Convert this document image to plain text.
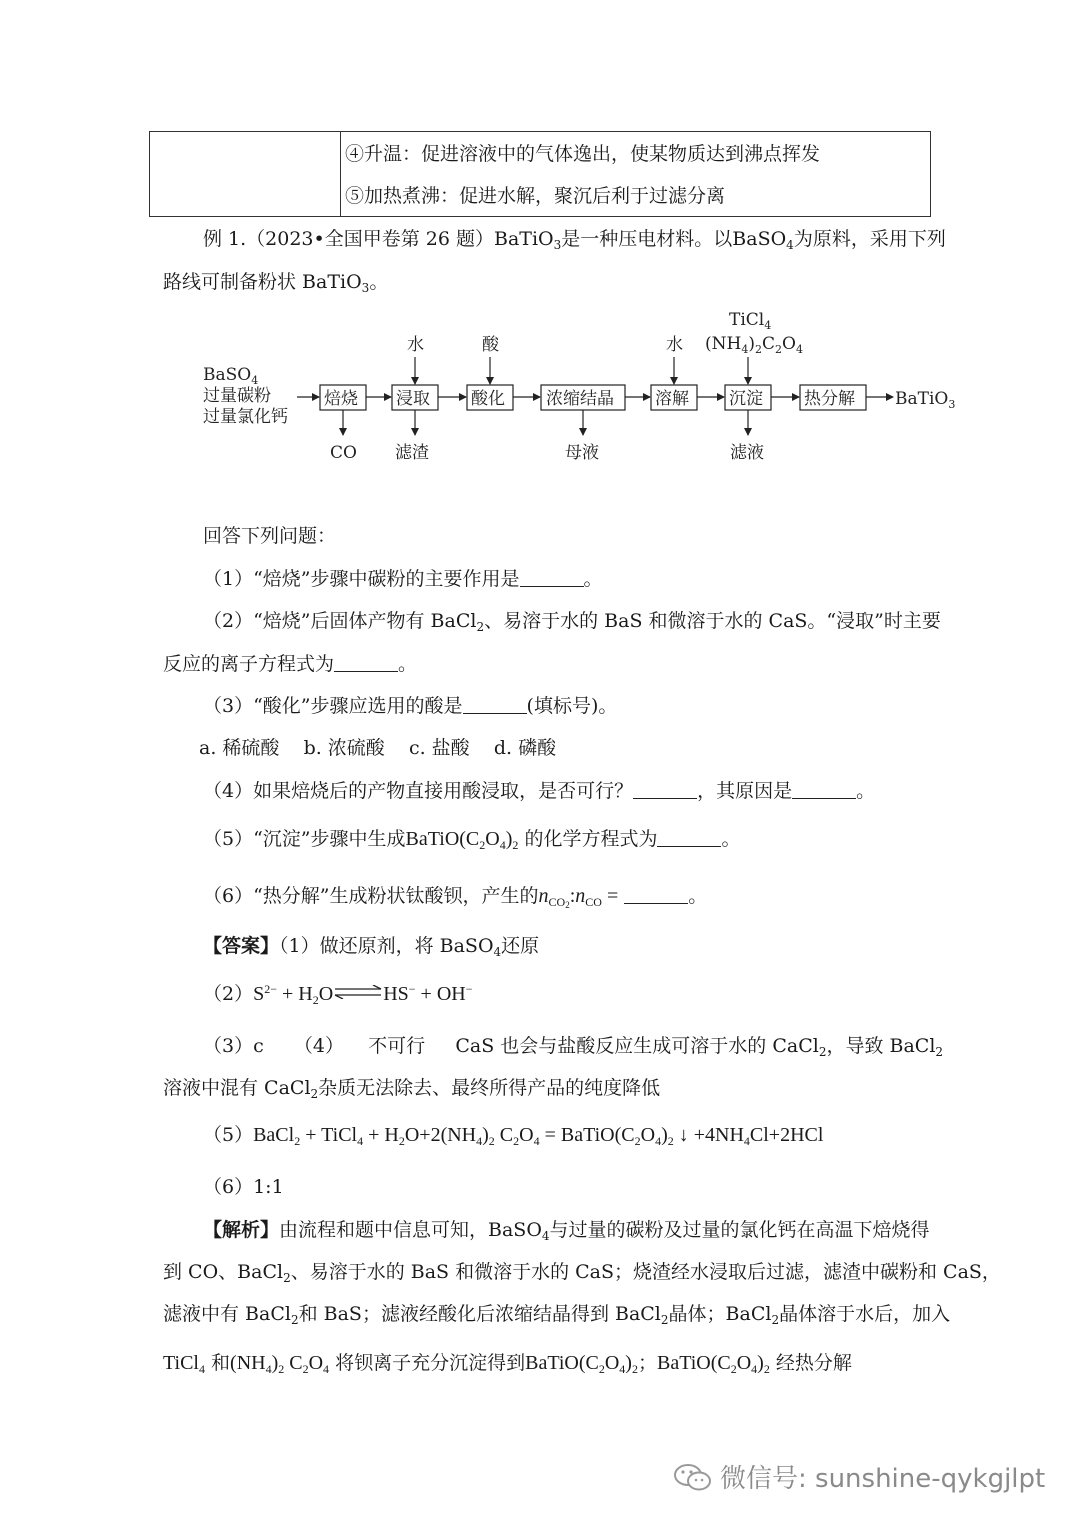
④升温：促进溶液中的气体逸出，使某物质达到沸点挥发
⑤加热煮沸：促进水解，聚沉后利于过滤分离
例 1.（2023•全国甲卷第 26 题）BaTiO$_3$是一种压电材料。以BaSO$_4$为原料，采用下列
路线可制备粉状 BaTiO$_3$。
BaSO$_4$
过量碳粉
过量氯化钙
焙烧 浸取 酸化 浓缩结晶 溶解 沉淀 热分解
水	酸	水
TiCl$_4$
$(NH_4)_2C_2O_4$
CO 滤渣	母液	滤液
BaTiO$_3$
回答下列问题：
（1）“焙烧”步骤中碳粉的主要作用是	。
（2）“焙烧”后固体产物有 BaCl$_2$、易溶于水的 BaS 和微溶于水的 CaS。“浸取”时主要
反应的离子方程式为	。
（3）“酸化”步骤应选用的酸是	(填标号)。
a. 稀硫酸    b. 浓硫酸    c. 盐酸    d. 磷酸
（4）如果焙烧后的产物直接用酸浸取，是否可行？	，其原因是	。
（5）“沉淀”步骤中生成$BaTiO(C_2O_4)_2$ 的化学方程式为	。
（6）“热分解”生成粉状钛酸钡，产生的$n_{CO_2}:n_{CO}$ =	。
【答案】（1）做还原剂，将 BaSO$_4$还原
$(2)S^{2-}$ + $H_2O\rightleftharpoons HS^- + OH^-$
（3）c     （4）    不可行     CaS 也会与盐酸反应生成可溶于水的 CaCl$_2$，导致 BaCl$_2$
溶液中混有 CaCl$_2$杂质无法除去、最终所得产品的纯度降低
（5）BaCl$_2$ + TiCl$_4$ + $H_2O+2(NH_4)_2$ $C_2O_4$ = $BaTiO(C_2O_4)_2$ ↓ $+4NH_4Cl+2HCl$
（6）1:1
【解析】由流程和题中信息可知，BaSO$_4$与过量的碳粉及过量的氯化钙在高温下焙烧得
到 CO、BaCl$_2$、易溶于水的 BaS 和微溶于水的 CaS；烧渣经水浸取后过滤，滤渣中碳粉和 CaS，
滤液中有 BaCl$_2$和 BaS；滤液经酸化后浓缩结晶得到 BaCl$_2$晶体；BaCl$_2$晶体溶于水后，加入
TiCl$_4$ 和$(NH_4)_2$ $C_2O_4$ 将钡离子充分沉淀得到$BaTiO(C_2O_4)_2$；$BaTiO(C_2O_4)_2$ 经热分解
微信号: sunshine-qykgjlpt
